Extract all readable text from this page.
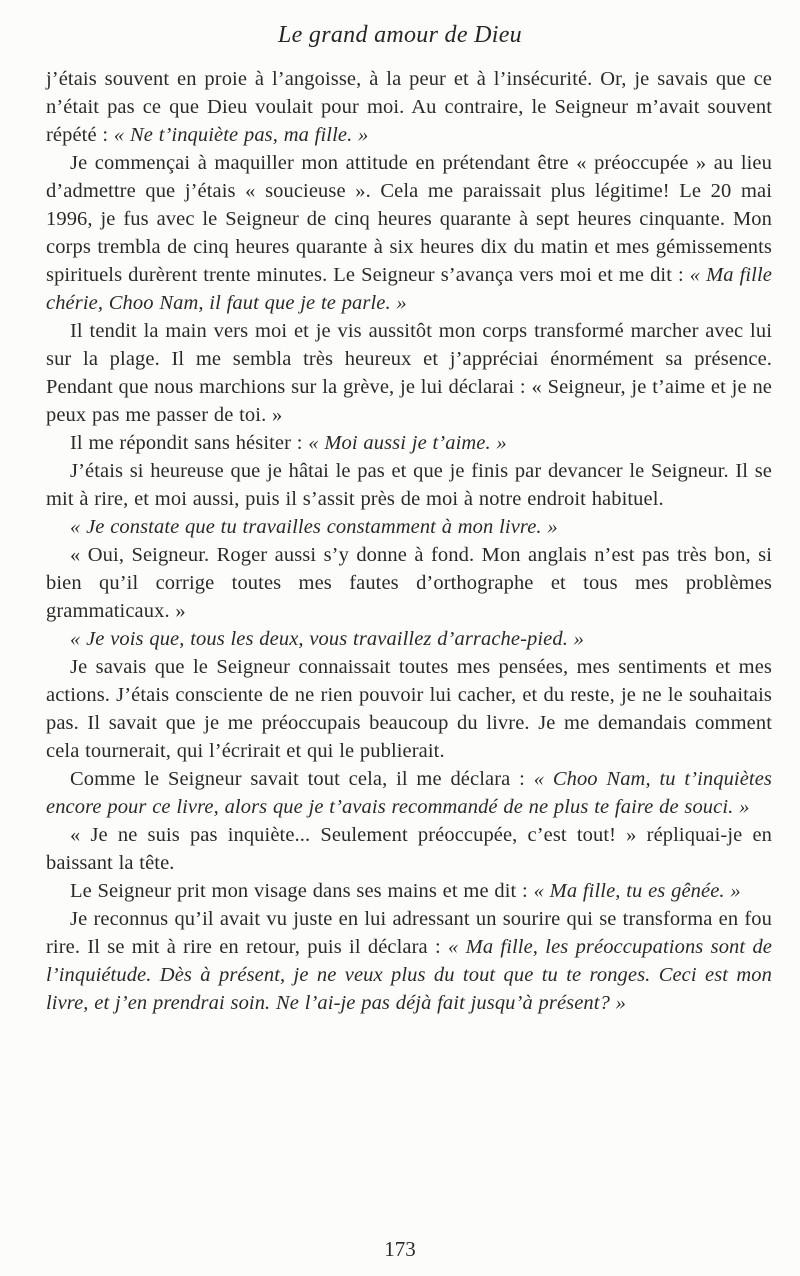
Le grand amour de Dieu

j’étais souvent en proie à l’angoisse, à la peur et à l’insécurité. Or, je savais que ce n’était pas ce que Dieu voulait pour moi. Au contraire, le Seigneur m’avait souvent répété : « Ne t’inquiète pas, ma fille. »

Je commençai à maquiller mon attitude en prétendant être « préoccupée » au lieu d’admettre que j’étais « soucieuse ». Cela me paraissait plus légitime! Le 20 mai 1996, je fus avec le Seigneur de cinq heures quarante à sept heures cinquante. Mon corps trembla de cinq heures quarante à six heures dix du matin et mes gémissements spirituels durèrent trente minutes. Le Seigneur s’avança vers moi et me dit : « Ma fille chérie, Choo Nam, il faut que je te parle. »

Il tendit la main vers moi et je vis aussitôt mon corps transformé marcher avec lui sur la plage. Il me sembla très heureux et j’appréciai énormément sa présence. Pendant que nous marchions sur la grève, je lui déclarai : « Seigneur, je t’aime et je ne peux pas me passer de toi. »

Il me répondit sans hésiter : « Moi aussi je t’aime. »

J’étais si heureuse que je hâtai le pas et que je finis par devancer le Seigneur. Il se mit à rire, et moi aussi, puis il s’assit près de moi à notre endroit habituel.

« Je constate que tu travailles constamment à mon livre. »

« Oui, Seigneur. Roger aussi s’y donne à fond. Mon anglais n’est pas très bon, si bien qu’il corrige toutes mes fautes d’orthographe et tous mes problèmes grammaticaux. »

« Je vois que, tous les deux, vous travaillez d’arrache-pied. »

Je savais que le Seigneur connaissait toutes mes pensées, mes sentiments et mes actions. J’étais consciente de ne rien pouvoir lui cacher, et du reste, je ne le souhaitais pas. Il savait que je me préoccupais beaucoup du livre. Je me demandais comment cela tournerait, qui l’écrirait et qui le publierait.

Comme le Seigneur savait tout cela, il me déclara : « Choo Nam, tu t’inquiètes encore pour ce livre, alors que je t’avais recommandé de ne plus te faire de souci. »

« Je ne suis pas inquiète... Seulement préoccupée, c’est tout! » répliquai-je en baissant la tête.

Le Seigneur prit mon visage dans ses mains et me dit : « Ma fille, tu es gênée. »

Je reconnus qu’il avait vu juste en lui adressant un sourire qui se transforma en fou rire. Il se mit à rire en retour, puis il déclara : « Ma fille, les préoccupations sont de l’inquiétude. Dès à présent, je ne veux plus du tout que tu te ronges. Ceci est mon livre, et j’en prendrai soin. Ne l’ai-je pas déjà fait jusqu’à présent? »

173
